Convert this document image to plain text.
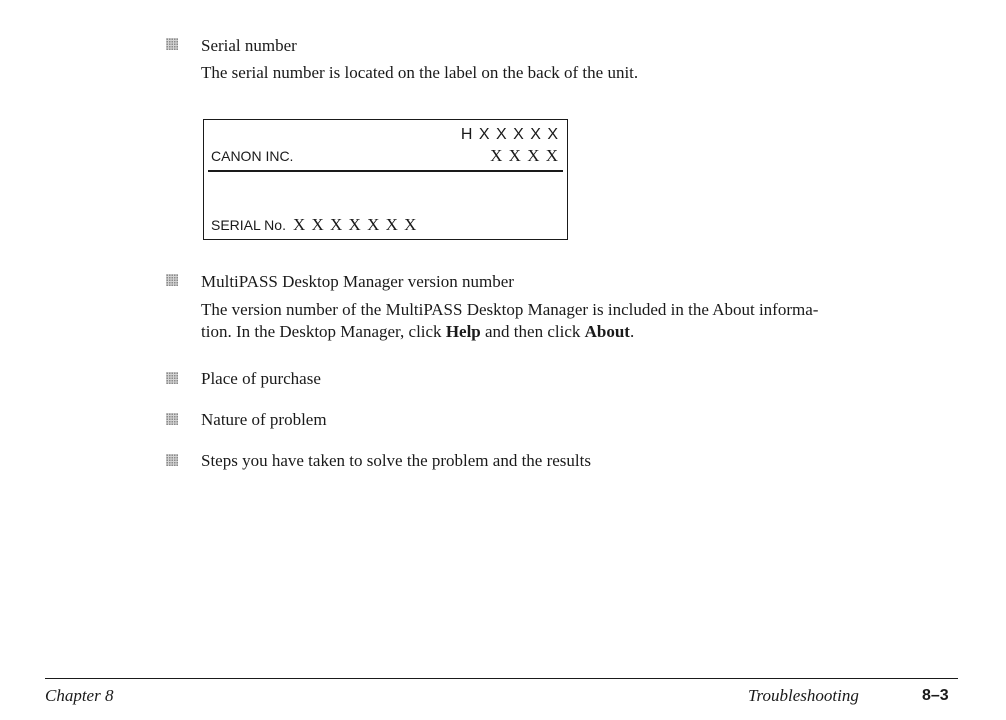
Serial number
The serial number is located on the label on the back of the unit.
CANON INC.
H X X X X X
X X X X
SERIAL No. X X X X X X X
MultiPASS Desktop Manager version number
The version number of the MultiPASS Desktop Manager is included in the About informa-
tion. In the Desktop Manager, click Help and then click About.
Place of purchase
Nature of problem
Steps you have taken to solve the problem and the results
Chapter 8	Troubleshooting	8–3
